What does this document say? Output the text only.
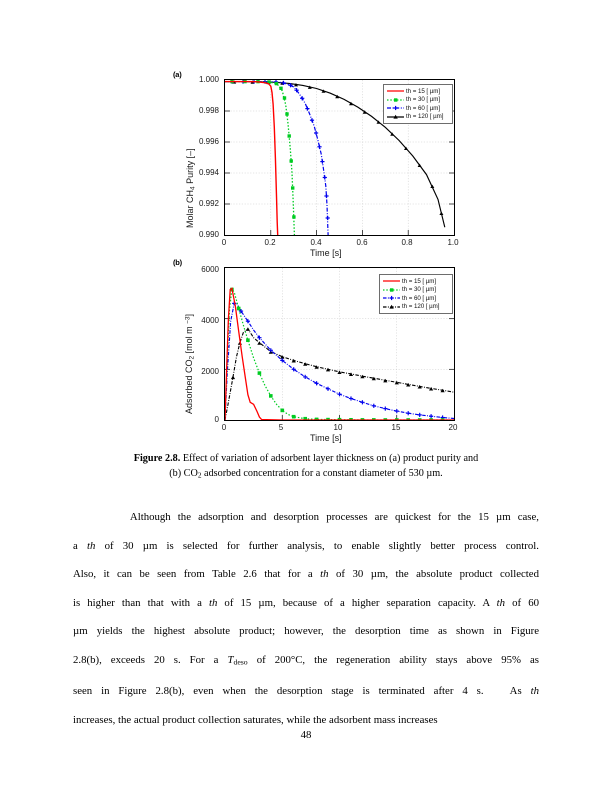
(a)
1.000
0.998
0.996
0.994
0.992
0.990
Molar $CH_4$ Purity [–]
0	0.2	0.4	0.6	0.8	1.0
Time [s]
th = 15 [ µm]
th = 30 [ µm]
th = 60 [ µm]
th = 120 [ µm]
(b)
6000
4000
2000
0
Adsorbed $CO_2$ [mol m $^{-3}$]
0	5	10	15	20
Time [s]
th = 15 [ µm]
th = 30 [ µm]
th = 60 [ µm]
th = 120 [ µm]
Figure 2.8. Effect of variation of adsorbent layer thickness on (a) product purity and
(b) $CO_2$ adsorbed concentration for a constant diameter of 530 µm.
Although the adsorption and desorption processes are quickest for the 15 µm case,
a th of 30 µm is selected for further analysis, to enable slightly better process control.
Also, it can be seen from Table 2.6 that for a th of 30 µm, the absolute product collected
is higher than that with a th of 15 µm, because of a higher separation capacity. A th of 60
µm yields the highest absolute product; however, the desorption time as shown in Figure
2.8(b), exceeds 20 s. For a $T_{deso}$ of 200°C, the regeneration ability stays above 95% as
seen in Figure 2.8(b), even when the desorption stage is terminated after 4 s.   As th
increases, the actual product collection saturates, while the adsorbent mass increases
48
